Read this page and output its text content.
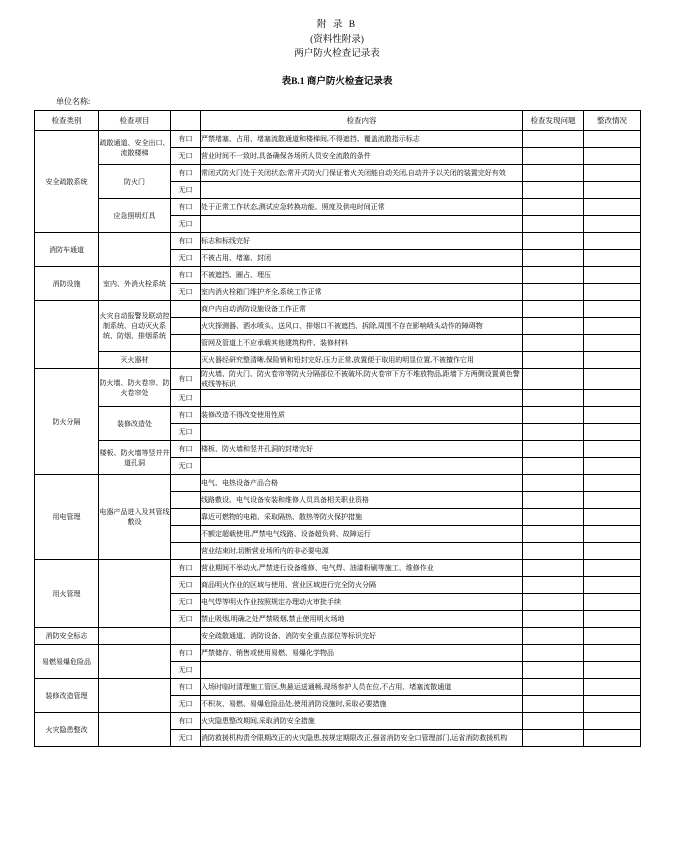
附 录 B
(资料性附录)
两户防火检查记录表
表B.1 商户防火检查记录表
单位名称:
检查类别	检查项目		检查内容	检查发现问题	整改情况
安全疏散系统	疏散通道、安全出口、流散楼梯	有口	严禁堵塞、占用、堵塞流散通道和楼梯间,不得遮挡、覆盖流散指示标志		
		无口	营业时间不一致时,具备确保各场所人员安全流散的条件		
	防火门	有口	常闭式防火门处于关闭状态;常开式防火门保证着火关闭能自动关闭,自动并予以关闭的装置完好有效		
		无口			
	应急照明灯具	有口	处于正常工作状态,测试应急转换功能、照度及供电时间正常		
		无口			
消防车通道		有口	标志和标线完好		
		无口	不被占用、堵塞、封闭		
消防设施	室内、外消火栓系统	有口	不被遮挡、圈占、埋压		
		无口	室内消火栓箱门维护齐全,系统工作正常		
	火灾自动报警及联动控制系统、自动灭火系统、防烟、排烟系统		商户内自动消防设施设备工作正常		
			火灾探测器、洒水喷头、送风口、排烟口不被遮挡、拆除,周围不存在影响喷头动作的障碍物		
			管网及管道上不应承载其他建筑构件、装修材料		
	灭火器材		灭火器经研究整清晰,保险销和铅封完好,压力正常,放置便于取用的明显位置,不被擅作它用		
防火分隔	防火墙、防火卷帘、防火卷帘处	有口	防火墙、防火门、防火卷帘等防火分隔部位不被破坏;防火卷帘下方不堆放物品,距墙下方两侧设置黄色警戒线等标识		
		无口			
	装修改造处	有口	装修改造不得改变使用性质		
		无口			
	楼板、防火墙等竖井井道孔洞	有口	楼板、防火墙和竖井孔洞的封堵完好		
		无口			
用电管理	电器产品进入及其管线敷设		电气、电热设备产品合格		
			线路敷设、电气设备安装和维修人员具备相关职业资格		
			靠近可燃物的电箱、采取隔热、散热等防火保护措施		
			不额定超载使用,严禁电气线路、设备超负荷、故障运行		
			营业结束时,切断营业场所内的非必要电源		
用火管理		有口	营业期间不举动火,严禁进行设备维修、电气焊、油漆粉刷等施工、维修作业		
		无口	商品明火作业的区域与使用、营业区域进行完全防火分隔		
		无口	电气焊等明火作业按照规定办理动火审批手续		
		无口	禁止吸烟,明确之处严禁吸烟,禁止使用明火场地		
消防安全标志			安全疏散通道、消防设备、消防安全重点部位等标识完好		
易燃易爆危险品		有口	严禁储存、销售或使用易燃、易爆化学物品		
		无口			
装修改造管理		有口	入场时临时清理施工管区,焦悬运送通畅,现场参护人员在位,不占用、堵塞流散通道		
		无口	不积灰、易燃、易爆危险品处,使用消防设施时,采取必要措施		
火灾隐患整改		有口	火灾隐患整改期间,采取消防安全措施		
		无口	消防救援机构责令限期改正的火灾隐患,按规定期限改正,强省消防安全口管理部门,运省消防救援机构		
